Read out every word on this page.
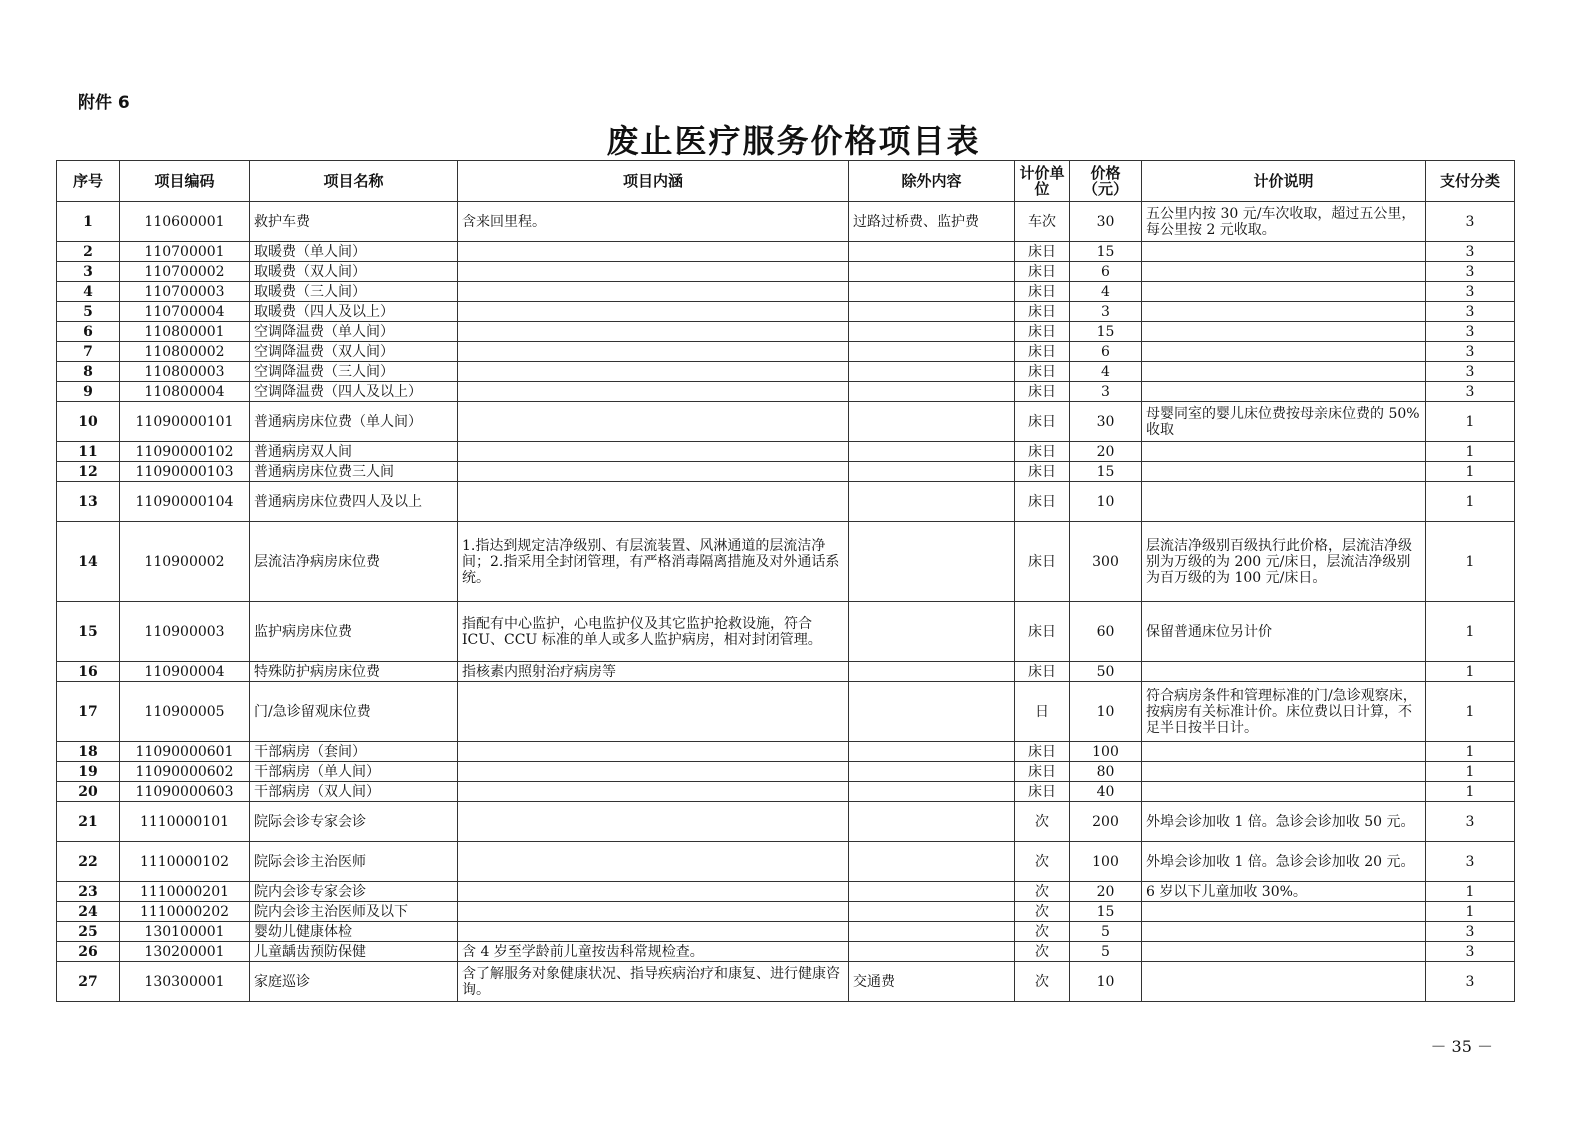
附件 6
废止医疗服务价格项目表
序号	项目编码	项目名称	项目内涵	除外内容	计价单位	价格（元）	计价说明	支付分类
1	110600001	救护车费	含来回里程。	过路过桥费、监护费	车次	30	五公里内按 30 元/车次收取，超过五公里，每公里按 2 元收取。	3
2	110700001	取暖费（单人间）			床日	15		3
3	110700002	取暖费（双人间）			床日	6		3
4	110700003	取暖费（三人间）			床日	4		3
5	110700004	取暖费（四人及以上）			床日	3		3
6	110800001	空调降温费（单人间）			床日	15		3
7	110800002	空调降温费（双人间）			床日	6		3
8	110800003	空调降温费（三人间）			床日	4		3
9	110800004	空调降温费（四人及以上）			床日	3		3
10	11090000101	普通病房床位费（单人间）			床日	30	母婴同室的婴儿床位费按母亲床位费的 50%收取	1
11	11090000102	普通病房双人间			床日	20		1
12	11090000103	普通病房床位费三人间			床日	15		1
13	11090000104	普通病房床位费四人及以上			床日	10		1
14	110900002	层流洁净病房床位费	1.指达到规定洁净级别、有层流装置、风淋通道的层流洁净间；2.指采用全封闭管理，有严格消毒隔离措施及对外通话系统。		床日	300	层流洁净级别百级执行此价格，层流洁净级别为万级的为 200 元/床日，层流洁净级别为百万级的为 100 元/床日。	1
15	110900003	监护病房床位费	指配有中心监护，心电监护仪及其它监护抢救设施，符合 ICU、CCU 标准的单人或多人监护病房，相对封闭管理。		床日	60	保留普通床位另计价	1
16	110900004	特殊防护病房床位费	指核素内照射治疗病房等		床日	50		1
17	110900005	门/急诊留观床位费			日	10	符合病房条件和管理标准的门/急诊观察床，按病房有关标准计价。床位费以日计算，不足半日按半日计。	1
18	11090000601	干部病房（套间）			床日	100		1
19	11090000602	干部病房（单人间）			床日	80		1
20	11090000603	干部病房（双人间）			床日	40		1
21	1110000101	院际会诊专家会诊			次	200	外埠会诊加收 1 倍。急诊会诊加收 50 元。	3
22	1110000102	院际会诊主治医师			次	100	外埠会诊加收 1 倍。急诊会诊加收 20 元。	3
23	1110000201	院内会诊专家会诊			次	20	6 岁以下儿童加收 30%。	1
24	1110000202	院内会诊主治医师及以下			次	15		1
25	130100001	婴幼儿健康体检			次	5		3
26	130200001	儿童龋齿预防保健	含 4 岁至学龄前儿童按齿科常规检查。		次	5		3
27	130300001	家庭巡诊	含了解服务对象健康状况、指导疾病治疗和康复、进行健康咨询。	交通费	次	10		3
－ 35 －
